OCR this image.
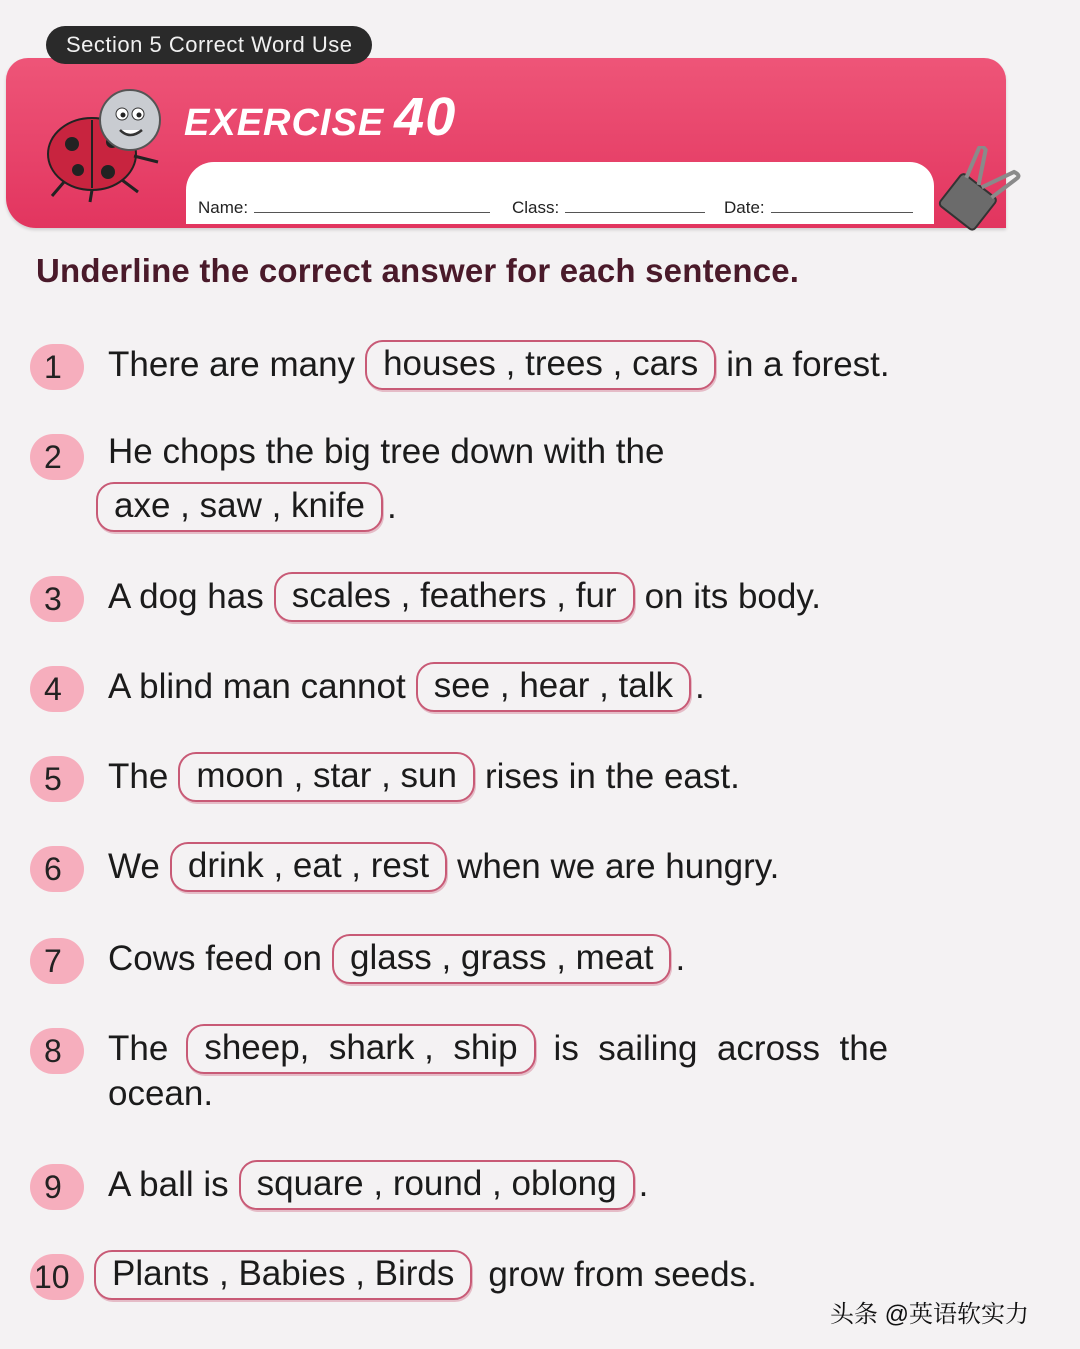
Section 5 Correct Word Use
EXERCISE 40
Name:	Class:	Date:
Underline the correct answer for each sentence.
1	There are many houses , trees , cars in a forest.
2	He chops the big tree down with the
axe , saw , knife .
3	A dog has scales , feathers , fur on its body.
4	A blind man cannot see , hear , talk .
5	The moon , star , sun rises in the east.
6	We drink , eat , rest when we are hungry.
7	Cows feed on glass , grass , meat .
8	The	sheep,  shark ,  ship	is  sailing  across  the
ocean.
9	A ball is square , round , oblong .
10	Plants , Babies , Birds grow from seeds.
头条 @英语软实力
